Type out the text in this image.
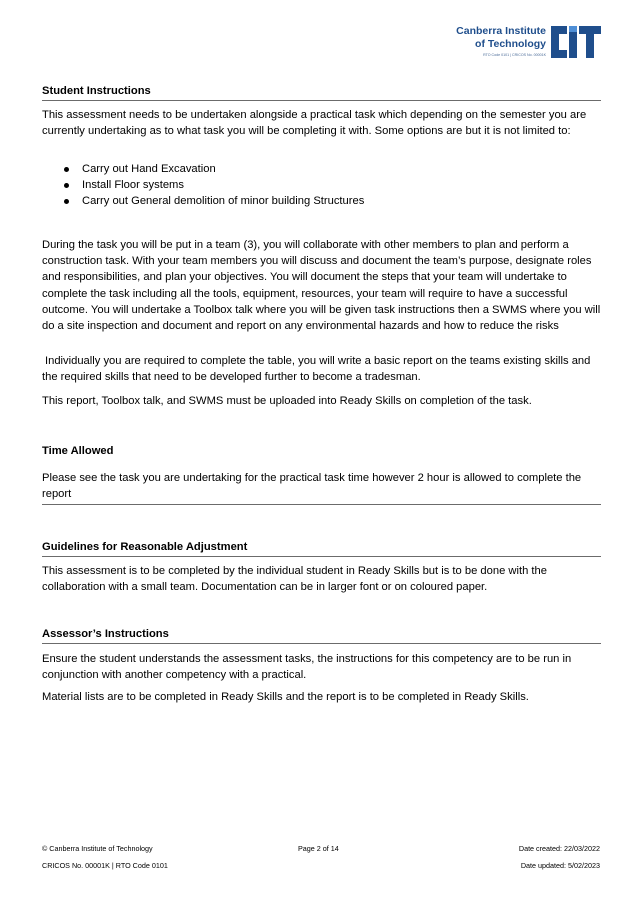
Canberra Institute
of Technology
RTO Code 0101 | CRICOS No. 00001K
Student Instructions

This assessment needs to be undertaken alongside a practical task which depending on the semester you are currently undertaking as to what task you will be completing it with. Some options are but it is not limited to:

Carry out Hand Excavation
Install Floor systems
Carry out General demolition of minor building Structures

During the task you will be put in a team (3), you will collaborate with other members to plan and perform a construction task. With your team members you will discuss and document the team’s purpose, designate roles and responsibilities, and plan your objectives. You will document the steps that your team will undertake to complete the task including all the tools, equipment, resources, your team will require to have a successful outcome. You will undertake a Toolbox talk where you will be given task instructions then a SWMS where you will do a site inspection and document and report on any environmental hazards and how to reduce the risks

Individually you are required to complete the table, you will write a basic report on the teams existing skills and the required skills that need to be developed further to become a tradesman.

This report, Toolbox talk, and SWMS must be uploaded into Ready Skills on completion of the task.

Time Allowed

Please see the task you are undertaking for the practical task time however 2 hour is allowed to complete the report

Guidelines for Reasonable Adjustment

This assessment is to be completed by the individual student in Ready Skills but is to be done with the collaboration with a small team. Documentation can be in larger font or on coloured paper.

Assessor’s Instructions

Ensure the student understands the assessment tasks, the instructions for this competency are to be run in conjunction with another competency with a practical.

Material lists are to be completed in Ready Skills and the report is to be completed in Ready Skills.

© Canberra Institute of Technology
CRICOS No. 00001K | RTO Code 0101
Page 2 of 14	Date created: 22/03/2022
Date updated: 5/02/2023
